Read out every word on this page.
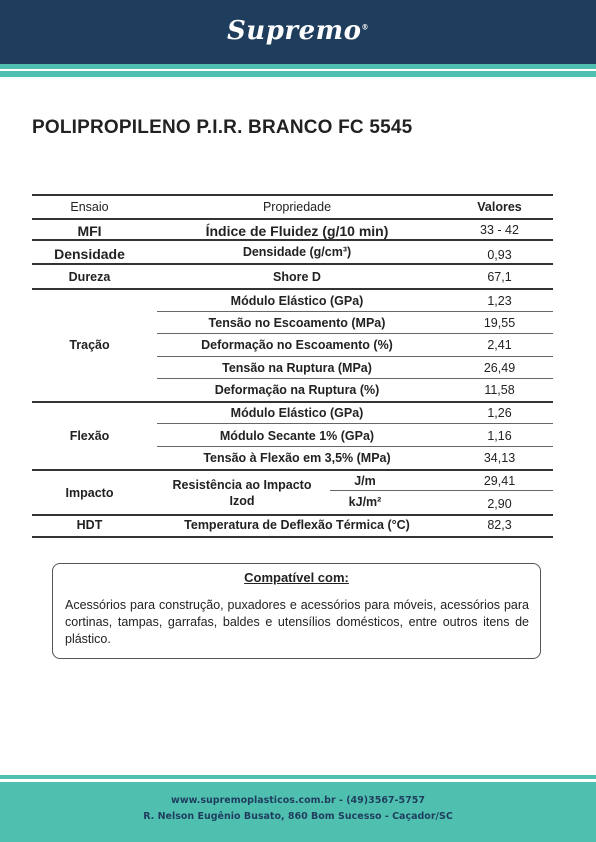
Supremo®
POLIPROPILENO P.I.R. BRANCO FC 5545
Ensaio	Propriedade	Valores
MFI	Índice de Fluidez (g/10 min)	33 - 42
Densidade	Densidade (g/cm³)	0,93
Dureza	Shore D	67,1
Tração
Módulo Elástico (GPa)	1,23
Tensão no Escoamento (MPa)	19,55
Deformação no Escoamento (%)	2,41
Tensão na Ruptura (MPa)	26,49
Deformação na Ruptura (%)	11,58
Flexão
Módulo Elástico (GPa)	1,26
Módulo Secante 1% (GPa)	1,16
Tensão à Flexão em 3,5% (MPa)	34,13
Impacto
Resistência ao Impacto
Izod
J/m	29,41
kJ/m²	2,90
HDT	Temperatura de Deflexão Térmica (°C)	82,3
Compatível com:
Acessórios para construção, puxadores e acessórios para móveis, acessórios para cortinas, tampas, garrafas, baldes e utensílios domésticos, entre outros itens de plástico.
www.supremoplasticos.com.br - (49)3567-5757
R. Nelson Eugênio Busato, 860 Bom Sucesso - Caçador/SC
